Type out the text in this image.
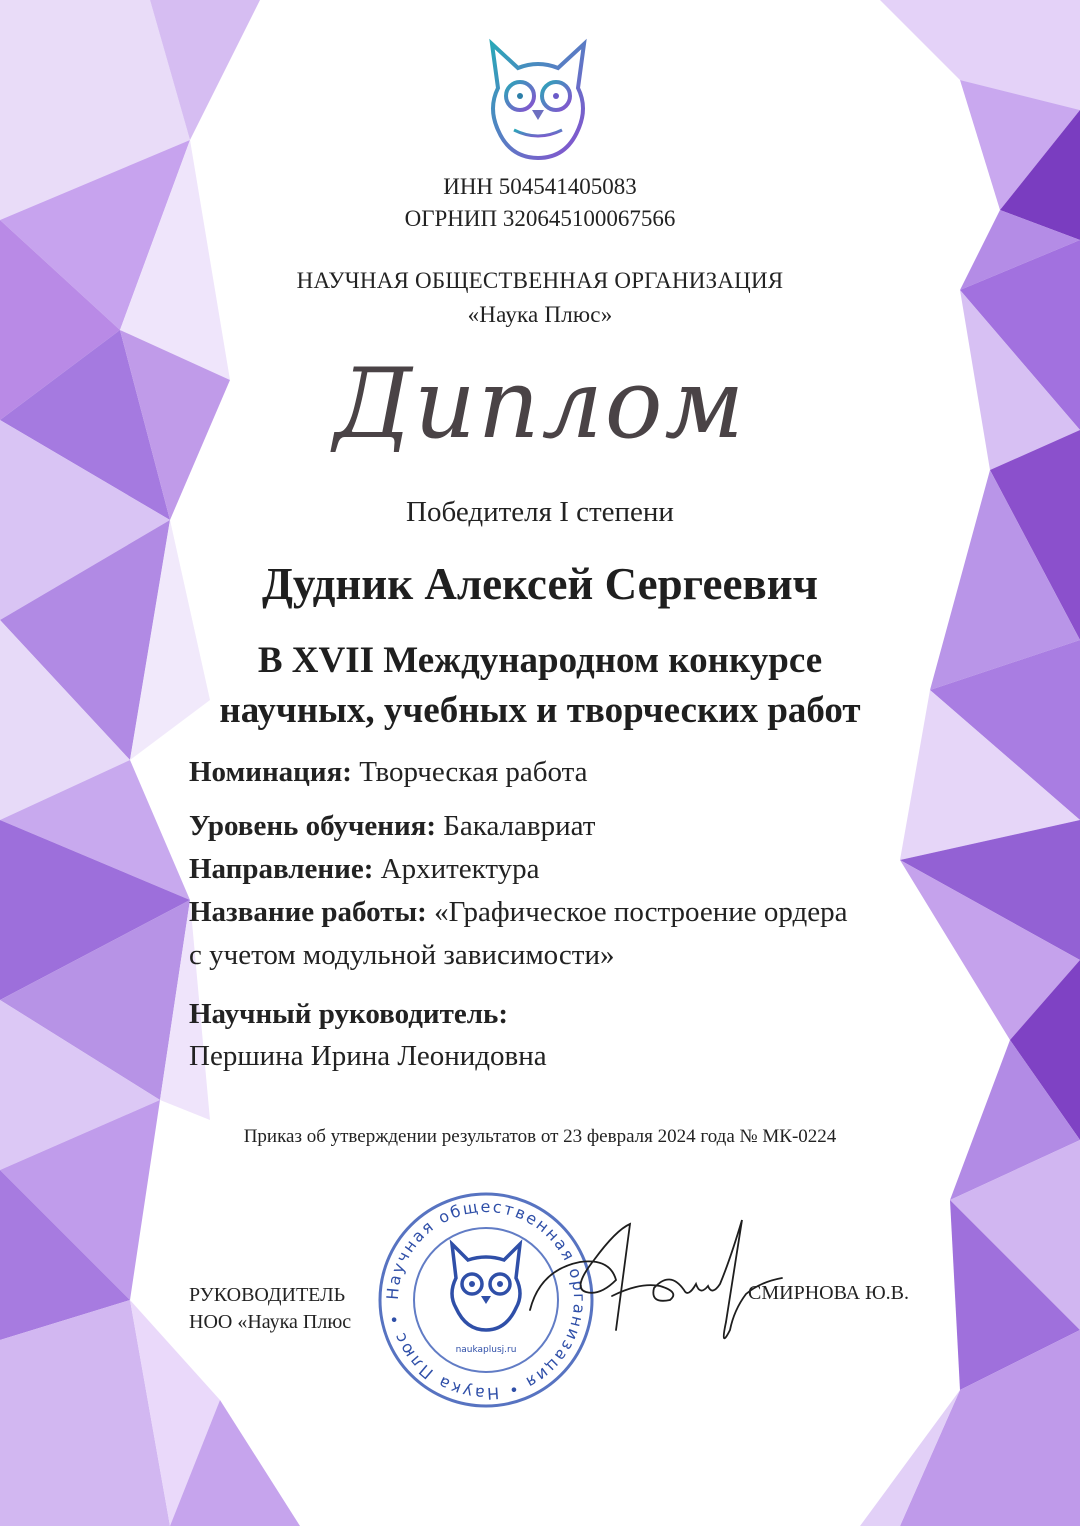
ИНН 504541405083
ОГРНИП 320645100067566
НАУЧНАЯ ОБЩЕСТВЕННАЯ ОРГАНИЗАЦИЯ
«Наука Плюс»
Диплом
Победителя I степени
Дудник Алексей Сергеевич
В XVII Международном конкурсе
научных, учебных и творческих работ
Номинация: Творческая работа
Уровень обучения: Бакалавриат
Направление: Архитектура
Название работы: «Графическое построение ордера
с учетом модульной зависимости»
Научный руководитель:
Першина Ирина Леонидовна
Приказ об утверждении результатов от 23 февраля 2024 года № МК-0224
РУКОВОДИТЕЛЬ
НОО «Наука Плюс
Научная общественная организация • Наука Плюс •
naukaplusj.ru
СМИРНОВА Ю.В.
